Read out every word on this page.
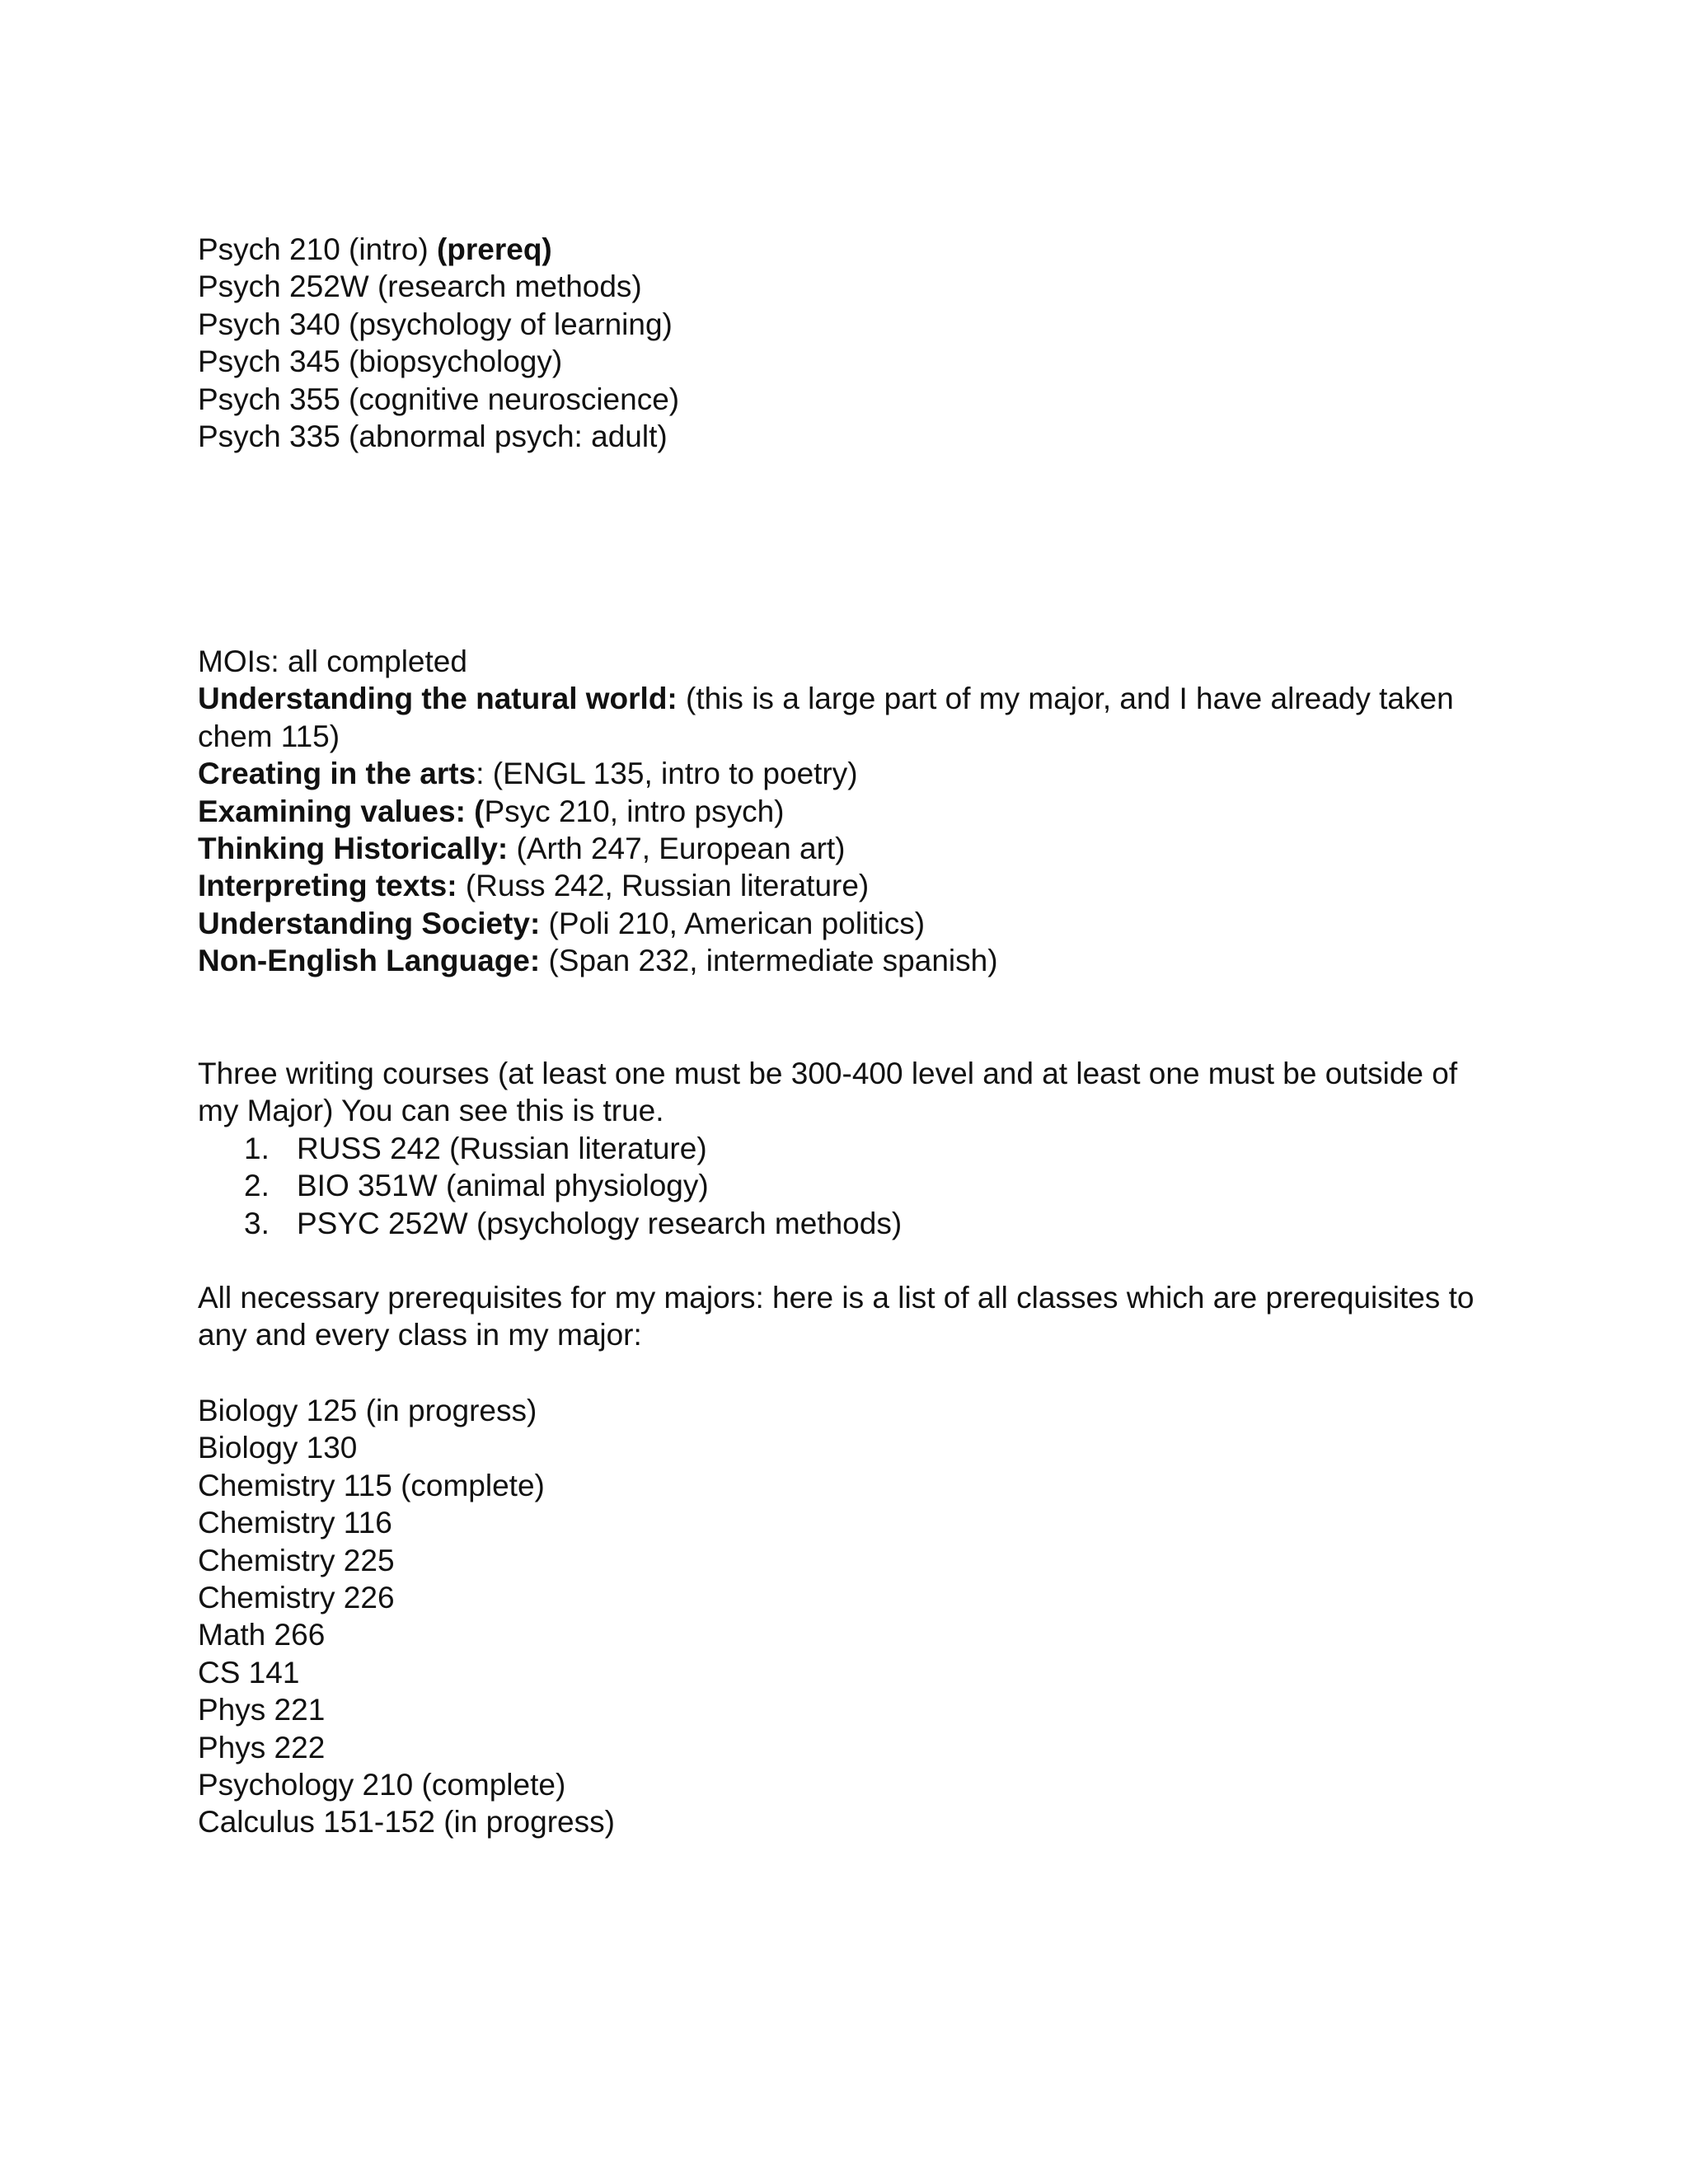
Psych 210 (intro) (prereq)

Psych 252W (research methods)

Psych 340 (psychology of learning)

Psych 345 (biopsychology)

Psych 355 (cognitive neuroscience)

Psych 335 (abnormal psych: adult)

MOIs: all completed

Understanding the natural world: (this is a large part of my major, and I have already taken chem 115)

Creating in the arts: (ENGL 135, intro to poetry)

Examining values: (Psyc 210, intro psych)

Thinking Historically: (Arth 247, European art)

Interpreting texts: (Russ 242, Russian literature)

Understanding Society: (Poli 210, American politics)

Non-English Language: (Span 232, intermediate spanish)

Three writing courses (at least one must be 300-400 level and at least one must be outside of

my Major) You can see this is true.

1. RUSS 242 (Russian literature)
2. BIO 351W (animal physiology)
3. PSYC 252W (psychology research methods)

All necessary prerequisites for my majors: here is a list of all classes which are prerequisites to

any and every class in my major:

Biology 125 (in progress)

Biology 130

Chemistry 115 (complete)

Chemistry 116

Chemistry 225

Chemistry 226

Math 266

CS 141

Phys 221

Phys 222

Psychology 210 (complete)

Calculus 151-152 (in progress)
